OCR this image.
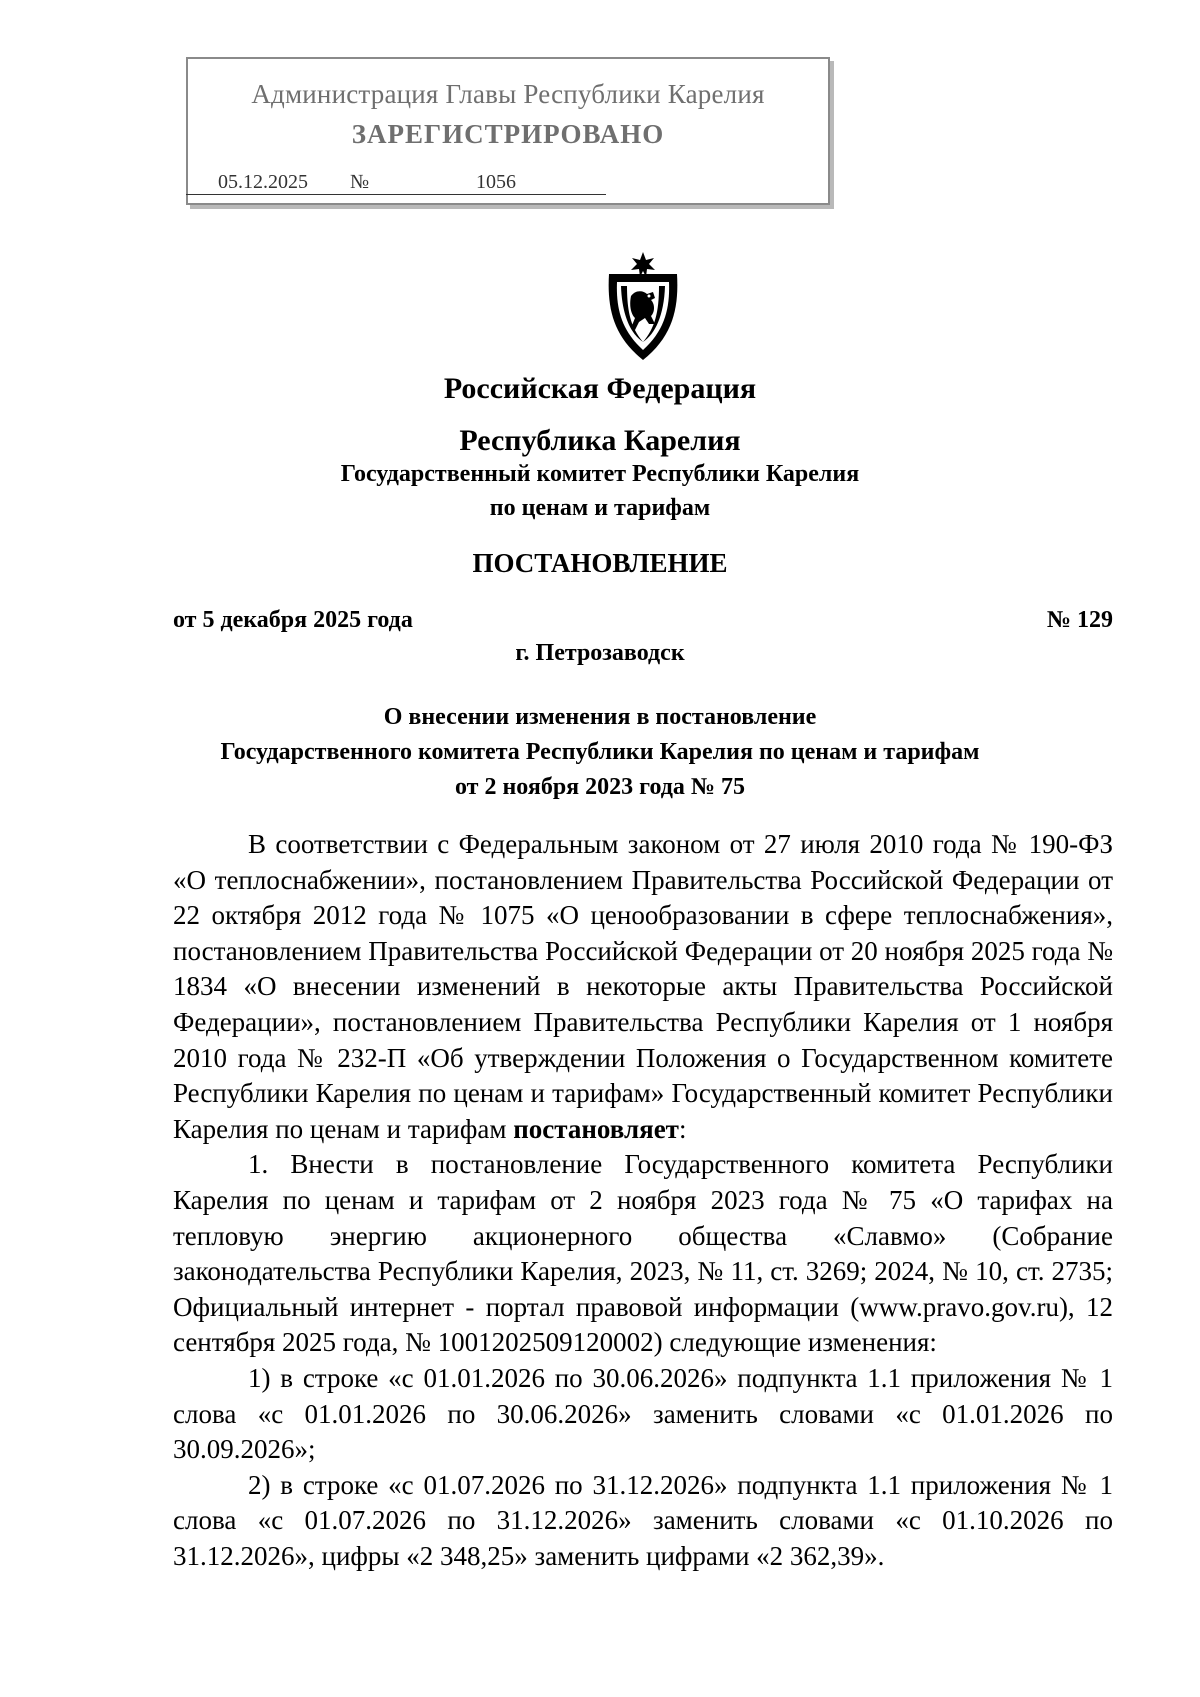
Администрация Главы Республики Карелия
ЗАРЕГИСТРИРОВАНО
05.12.2025 №	1056
Российская Федерация
Республика Карелия
Государственный комитет Республики Карелия
по ценам и тарифам
ПОСТАНОВЛЕНИЕ
от 5 декабря 2025 года	№ 129
г. Петрозаводск
О внесении изменения в постановление
Государственного комитета Республики Карелия по ценам и тарифам
от 2 ноября 2023 года № 75

В соответствии с Федеральным законом от 27 июля 2010 года № 190-ФЗ «О теплоснабжении», постановлением Правительства Российской Федерации от 22 октября 2012 года № 1075 «О ценообразовании в сфере теплоснабжения», постановлением Правительства Российской Федерации от 20 ноября 2025 года № 1834 «О внесении изменений в некоторые акты Правительства Российской Федерации», постановлением Правительства Республики Карелия от 1 ноября 2010 года № 232-П «Об утверждении Положения о Государственном комитете Республики Карелия по ценам и тарифам» Государственный комитет Республики Карелия по ценам и тарифам постановляет:

1. Внести в постановление Государственного комитета Республики Карелия по ценам и тарифам от 2 ноября 2023 года № 75 «О тарифах на тепловую энергию акционерного общества «Славмо» (Собрание законодательства Республики Карелия, 2023, № 11, ст. 3269; 2024, № 10, ст. 2735; Официальный интернет - портал правовой информации (www.pravo.gov.ru), 12 сентября 2025 года, № 1001202509120002) следующие изменения:

1) в строке «с 01.01.2026 по 30.06.2026» подпункта 1.1 приложения № 1 слова «с 01.01.2026 по 30.06.2026» заменить словами «с 01.01.2026 по 30.09.2026»;

2) в строке «с 01.07.2026 по 31.12.2026» подпункта 1.1 приложения № 1 слова «с 01.07.2026 по 31.12.2026» заменить словами «с 01.10.2026 по 31.12.2026», цифры «2 348,25» заменить цифрами «2 362,39».
